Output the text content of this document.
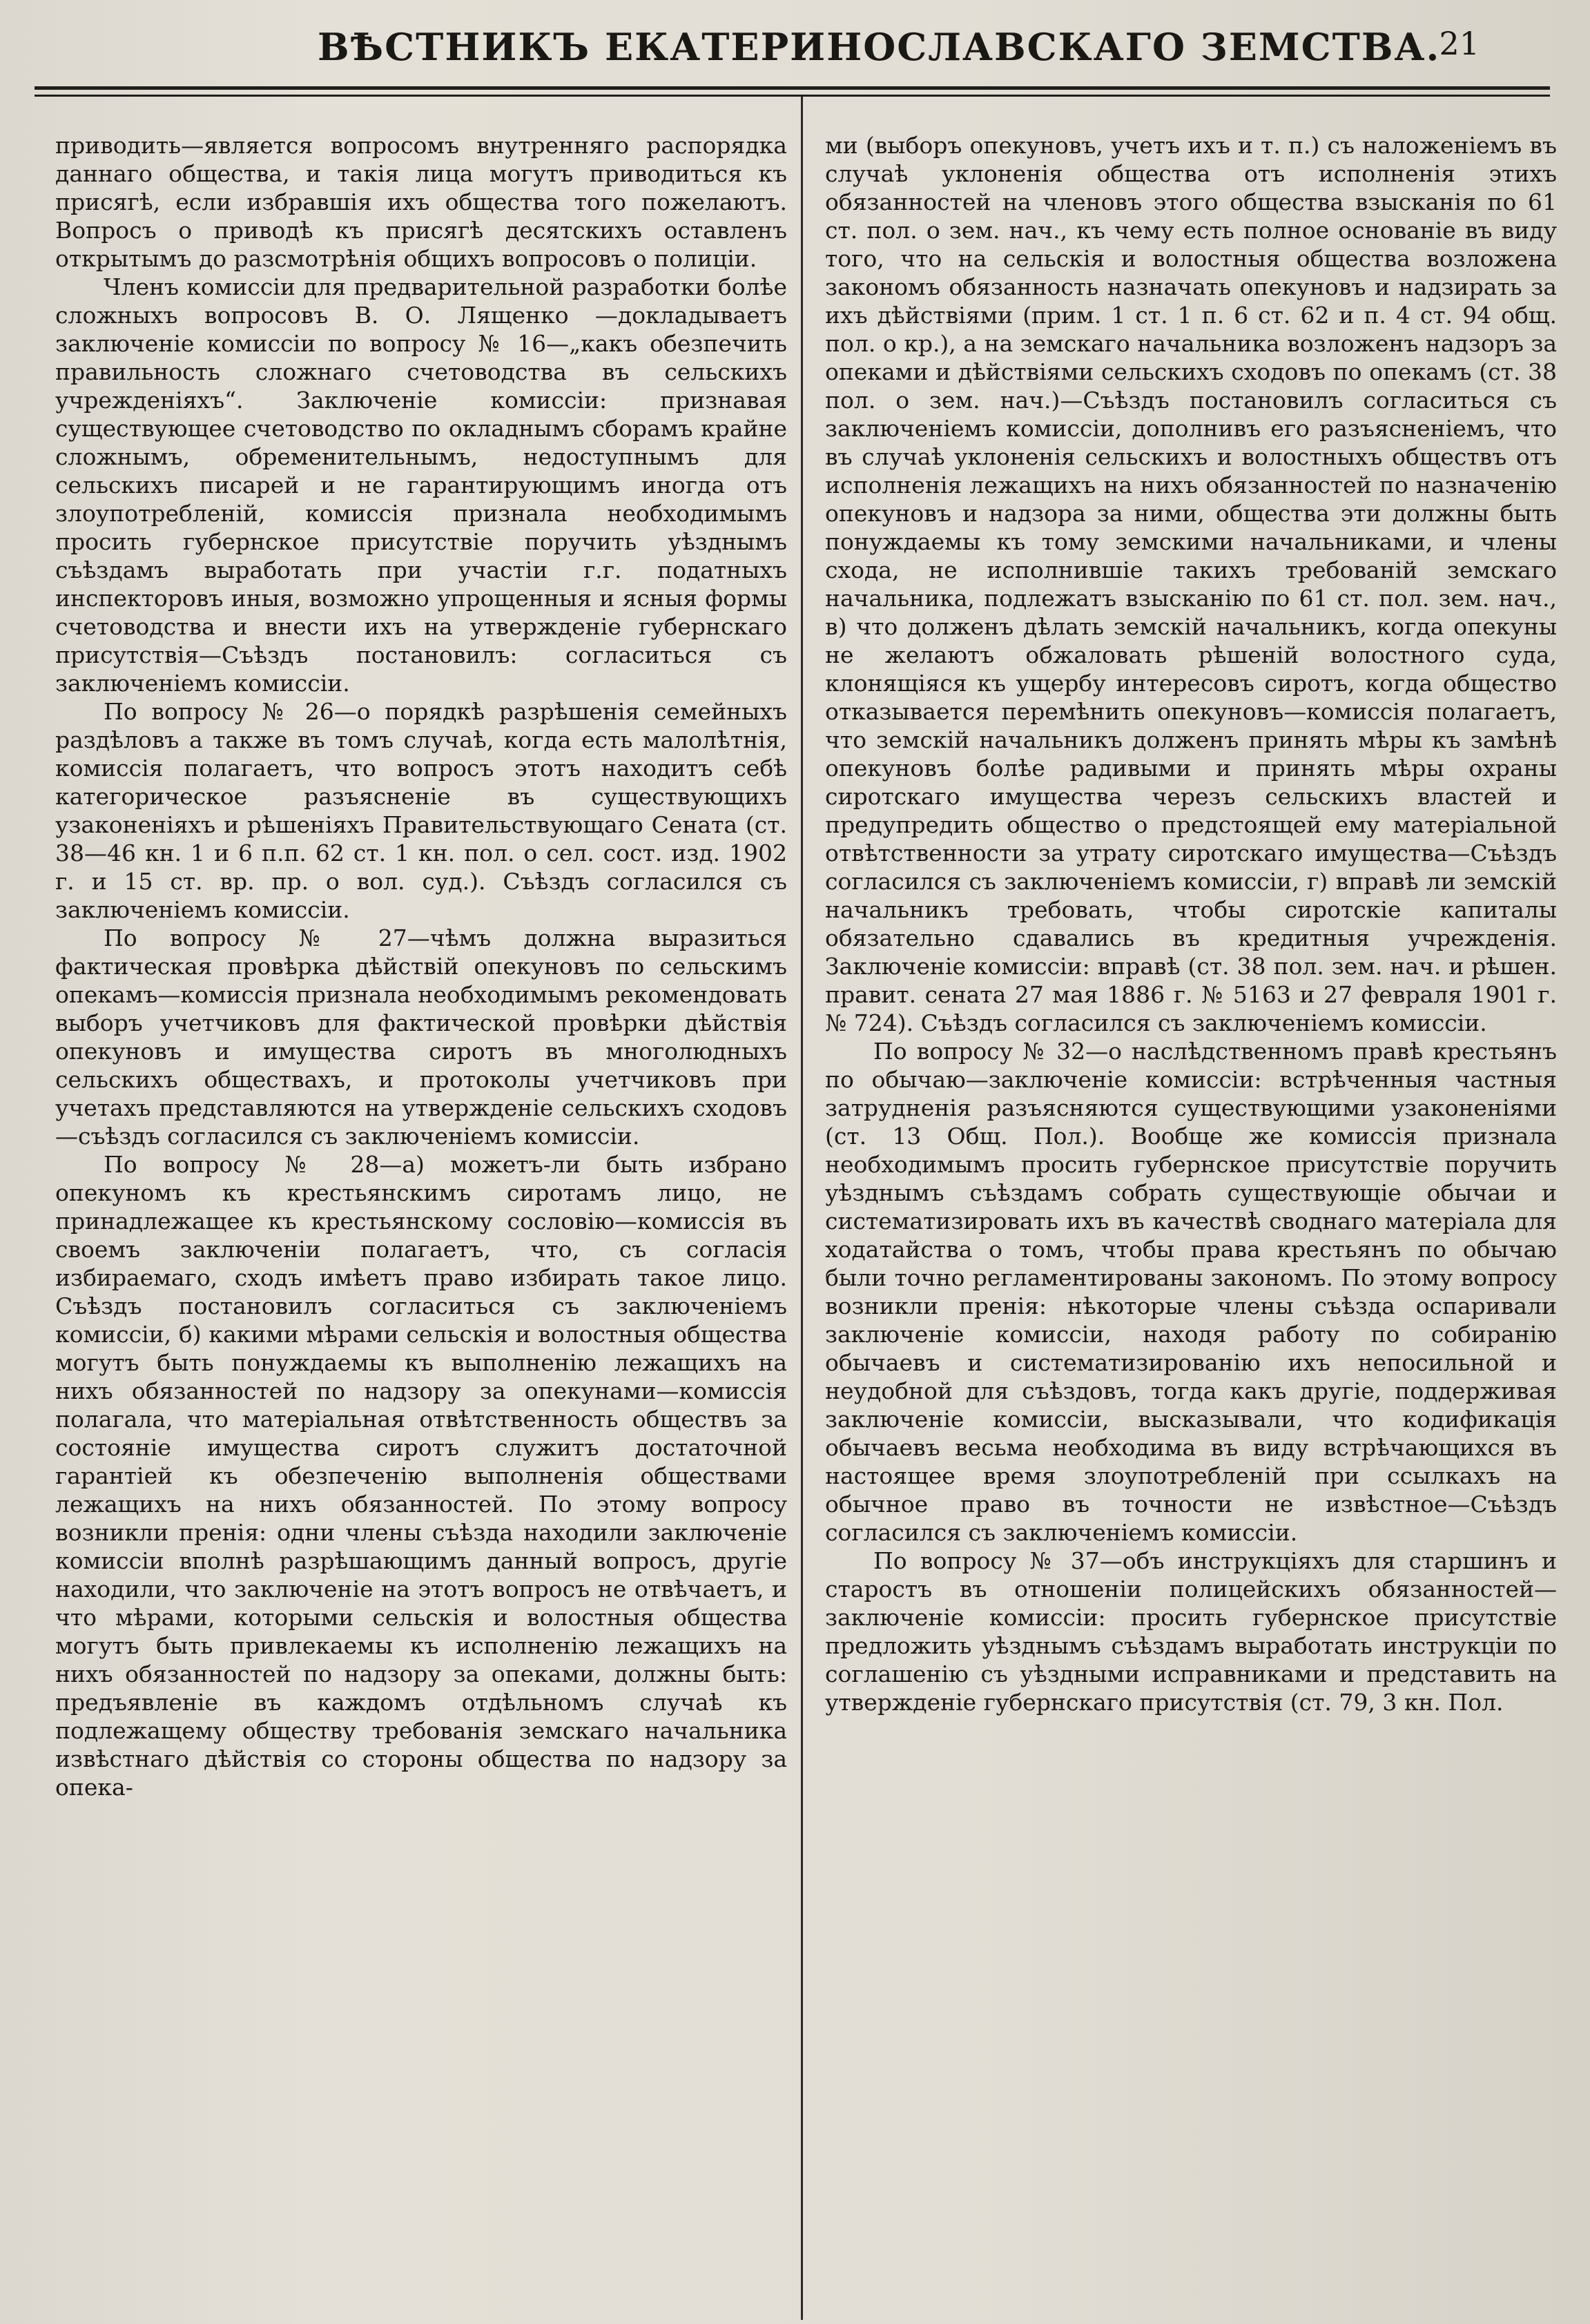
ВѢСТНИКЪ ЕКАТЕРИНОСЛАВСКАГО ЗЕМСТВА.
21

приводить—является вопросомъ внутренняго распорядка даннаго общества, и такія лица могутъ приводиться къ присягѣ, если избравшія ихъ общества того пожелаютъ. Вопросъ о приводѣ къ присягѣ десятскихъ оставленъ открытымъ до разсмотрѣнія общихъ вопросовъ о полиціи.

Членъ комиссіи для предварительной разработки болѣе сложныхъ вопросовъ В. О. Лященко —докладываетъ заключеніе комиссіи по вопросу № 16—„какъ обезпечить правильность сложнаго счетоводства въ сельскихъ учрежденіяхъ“. Заключеніе комиссіи: признавая существующее счетоводство по окладнымъ сборамъ крайне сложнымъ, обременительнымъ, недоступнымъ для сельскихъ писарей и не гарантирующимъ иногда отъ злоупотребленій, комиссія признала необходимымъ просить губернское присутствіе поручить уѣзднымъ съѣздамъ выработать при участіи г.г. податныхъ инспекторовъ иныя, возможно упрощенныя и ясныя формы счетоводства и внести ихъ на утвержденіе губернскаго присутствія—Съѣздъ постановилъ: согласиться съ заключеніемъ комиссіи.

По вопросу № 26—о порядкѣ разрѣшенія семейныхъ раздѣловъ а также въ томъ случаѣ, когда есть малолѣтнія, комиссія полагаетъ, что вопросъ этотъ находитъ себѣ категорическое разъясненіе въ существующихъ узаконеніяхъ и рѣшеніяхъ Правительствующаго Сената (ст. 38—46 кн. 1 и 6 п.п. 62 ст. 1 кн. пол. о сел. сост. изд. 1902 г. и 15 ст. вр. пр. о вол. суд.). Съѣздъ согласился съ заключеніемъ комиссіи.

По вопросу № 27—чѣмъ должна выразиться фактическая провѣрка дѣйствій опекуновъ по сельскимъ опекамъ—комиссія признала необходимымъ рекомендовать выборъ учетчиковъ для фактической провѣрки дѣйствія опекуновъ и имущества сиротъ въ многолюдныхъ сельскихъ обществахъ, и протоколы учетчиковъ при учетахъ представляются на утвержденіе сельскихъ сходовъ—съѣздъ согласился съ заключеніемъ комиссіи.

По вопросу № 28—а) можетъ-ли быть избрано опекуномъ къ крестьянскимъ сиротамъ лицо, не принадлежащее къ крестьянскому сословію—комиссія въ своемъ заключеніи полагаетъ, что, съ согласія избираемаго, сходъ имѣетъ право избирать такое лицо. Съѣздъ постановилъ согласиться съ заключеніемъ комиссіи, б) какими мѣрами сельскія и волостныя общества могутъ быть понуждаемы къ выполненію лежащихъ на нихъ обязанностей по надзору за опекунами—комиссія полагала, что матеріальная отвѣтственность обществъ за состояніе имущества сиротъ служитъ достаточной гарантіей къ обезпеченію выполненія обществами лежащихъ на нихъ обязанностей. По этому вопросу возникли пренія: одни члены съѣзда находили заключеніе комиссіи вполнѣ разрѣшающимъ данный вопросъ, другіе находили, что заключеніе на этотъ вопросъ не отвѣчаетъ, и что мѣрами, которыми сельскія и волостныя общества могутъ быть привлекаемы къ исполненію лежащихъ на нихъ обязанностей по надзору за опеками, должны быть: предъявленіе въ каждомъ отдѣльномъ случаѣ къ подлежащему обществу требованія земскаго начальника извѣстнаго дѣйствія со стороны общества по надзору за опека-

ми (выборъ опекуновъ, учетъ ихъ и т. п.) съ наложеніемъ въ случаѣ уклоненія общества отъ исполненія этихъ обязанностей на членовъ этого общества взысканія по 61 ст. пол. о зем. нач., къ чему есть полное основаніе въ виду того, что на сельскія и волостныя общества возложена закономъ обязанность назначать опекуновъ и надзирать за ихъ дѣйствіями (прим. 1 ст. 1 п. 6 ст. 62 и п. 4 ст. 94 общ. пол. о кр.), а на земскаго начальника возложенъ надзоръ за опеками и дѣйствіями сельскихъ сходовъ по опекамъ (ст. 38 пол. о зем. нач.)—Съѣздъ постановилъ согласиться съ заключеніемъ комиссіи, дополнивъ его разъясненіемъ, что въ случаѣ уклоненія сельскихъ и волостныхъ обществъ отъ исполненія лежащихъ на нихъ обязанностей по назначенію опекуновъ и надзора за ними, общества эти должны быть понуждаемы къ тому земскими начальниками, и члены схода, не исполнившіе такихъ требованій земскаго начальника, подлежатъ взысканію по 61 ст. пол. зем. нач., в) что долженъ дѣлать земскій начальникъ, когда опекуны не желаютъ обжаловать рѣшеній волостного суда, клонящіяся къ ущербу интересовъ сиротъ, когда общество отказывается перемѣнить опекуновъ—комиссія полагаетъ, что земскій начальникъ долженъ принять мѣры къ замѣнѣ опекуновъ болѣе радивыми и принять мѣры охраны сиротскаго имущества черезъ сельскихъ властей и предупредить общество о предстоящей ему матеріальной отвѣтственности за утрату сиротскаго имущества—Съѣздъ согласился съ заключеніемъ комиссіи, г) вправѣ ли земскій начальникъ требовать, чтобы сиротскіе капиталы обязательно сдавались въ кредитныя учрежденія. Заключеніе комиссіи: вправѣ (ст. 38 пол. зем. нач. и рѣшен. правит. сената 27 мая 1886 г. № 5163 и 27 февраля 1901 г. № 724). Съѣздъ согласился съ заключеніемъ комиссіи.

По вопросу № 32—о наслѣдственномъ правѣ крестьянъ по обычаю—заключеніе комиссіи: встрѣченныя частныя затрудненія разъясняются существующими узаконеніями (ст. 13 Общ. Пол.). Вообще же комиссія признала необходимымъ просить губернское присутствіе поручить уѣзднымъ съѣздамъ собрать существующіе обычаи и систематизировать ихъ въ качествѣ своднаго матеріала для ходатайства о томъ, чтобы права крестьянъ по обычаю были точно регламентированы закономъ. По этому вопросу возникли пренія: нѣкоторые члены съѣзда оспаривали заключеніе комиссіи, находя работу по собиранію обычаевъ и систематизированію ихъ непосильной и неудобной для съѣздовъ, тогда какъ другіе, поддерживая заключеніе комиссіи, высказывали, что кодификація обычаевъ весьма необходима въ виду встрѣчающихся въ настоящее время злоупотребленій при ссылкахъ на обычное право въ точности не извѣстное—Съѣздъ согласился съ заключеніемъ комиссіи.

По вопросу № 37—объ инструкціяхъ для старшинъ и старостъ въ отношеніи полицейскихъ обязанностей—заключеніе комиссіи: просить губернское присутствіе предложить уѣзднымъ съѣздамъ выработать инструкціи по соглашенію съ уѣздными исправниками и представить на утвержденіе губернскаго присутствія (ст. 79, 3 кн. Пол.
